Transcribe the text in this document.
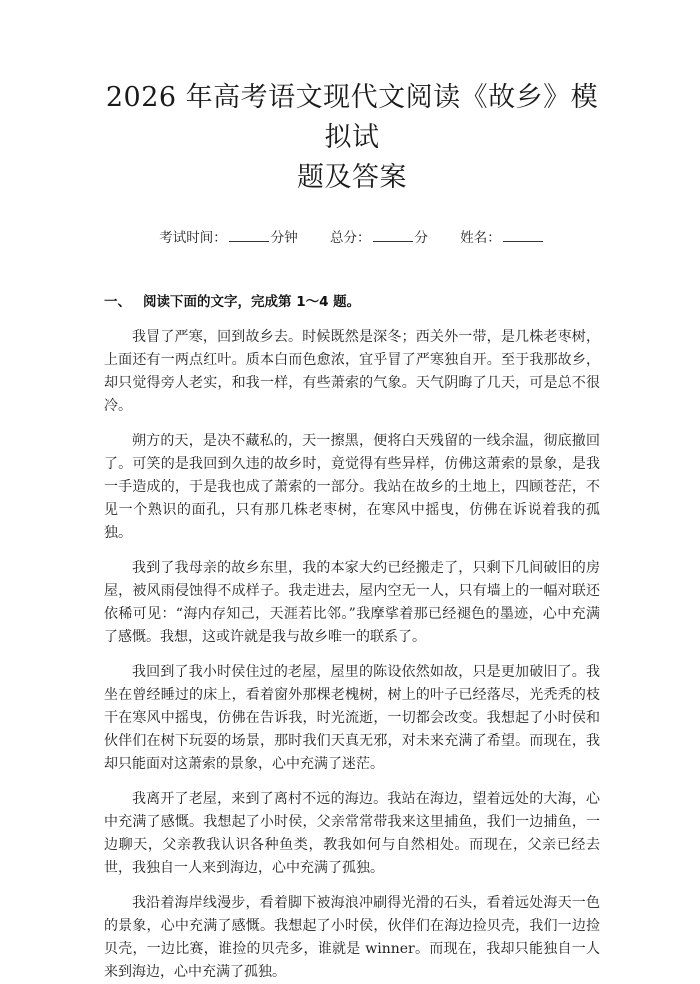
2026 年高考语文现代文阅读《故乡》模拟试
题及答案
考试时间：	分钟 总分：	分 姓名：
一、 阅读下面的文字，完成第 1～4 题。

我冒了严寒，回到故乡去。时候既然是深冬；西关外一带，是几株老枣树，上面还有一两点红叶。质本白而色愈浓，宜乎冒了严寒独自开。至于我那故乡，却只觉得旁人老实，和我一样，有些萧索的气象。天气阴晦了几天，可是总不很冷。

朔方的天，是决不藏私的，天一擦黑，便将白天残留的一线余温，彻底撤回了。可笑的是我回到久违的故乡时，竟觉得有些异样，仿佛这萧索的景象，是我一手造成的，于是我也成了萧索的一部分。我站在故乡的土地上，四顾苍茫，不见一个熟识的面孔，只有那几株老枣树，在寒风中摇曳，仿佛在诉说着我的孤独。

我到了我母亲的故乡东里，我的本家大约已经搬走了，只剩下几间破旧的房屋，被风雨侵蚀得不成样子。我走进去，屋内空无一人，只有墙上的一幅对联还依稀可见：“海内存知己，天涯若比邻。”我摩挲着那已经褪色的墨迹，心中充满了感慨。我想，这或许就是我与故乡唯一的联系了。

我回到了我小时侯住过的老屋，屋里的陈设依然如故，只是更加破旧了。我坐在曾经睡过的床上，看着窗外那棵老槐树，树上的叶子已经落尽，光秃秃的枝干在寒风中摇曳，仿佛在告诉我，时光流逝，一切都会改变。我想起了小时侯和伙伴们在树下玩耍的场景，那时我们天真无邪，对未来充满了希望。而现在，我却只能面对这萧索的景象，心中充满了迷茫。

我离开了老屋，来到了离村不远的海边。我站在海边，望着远处的大海，心中充满了感慨。我想起了小时侯，父亲常常带我来这里捕鱼，我们一边捕鱼，一边聊天，父亲教我认识各种鱼类，教我如何与自然相处。而现在，父亲已经去世，我独自一人来到海边，心中充满了孤独。

我沿着海岸线漫步，看着脚下被海浪冲刷得光滑的石头，看着远处海天一色的景象，心中充满了感慨。我想起了小时侯，伙伴们在海边捡贝壳，我们一边捡贝壳，一边比赛，谁捡的贝壳多，谁就是 winner。而现在，我却只能独自一人来到海边，心中充满了孤独。
